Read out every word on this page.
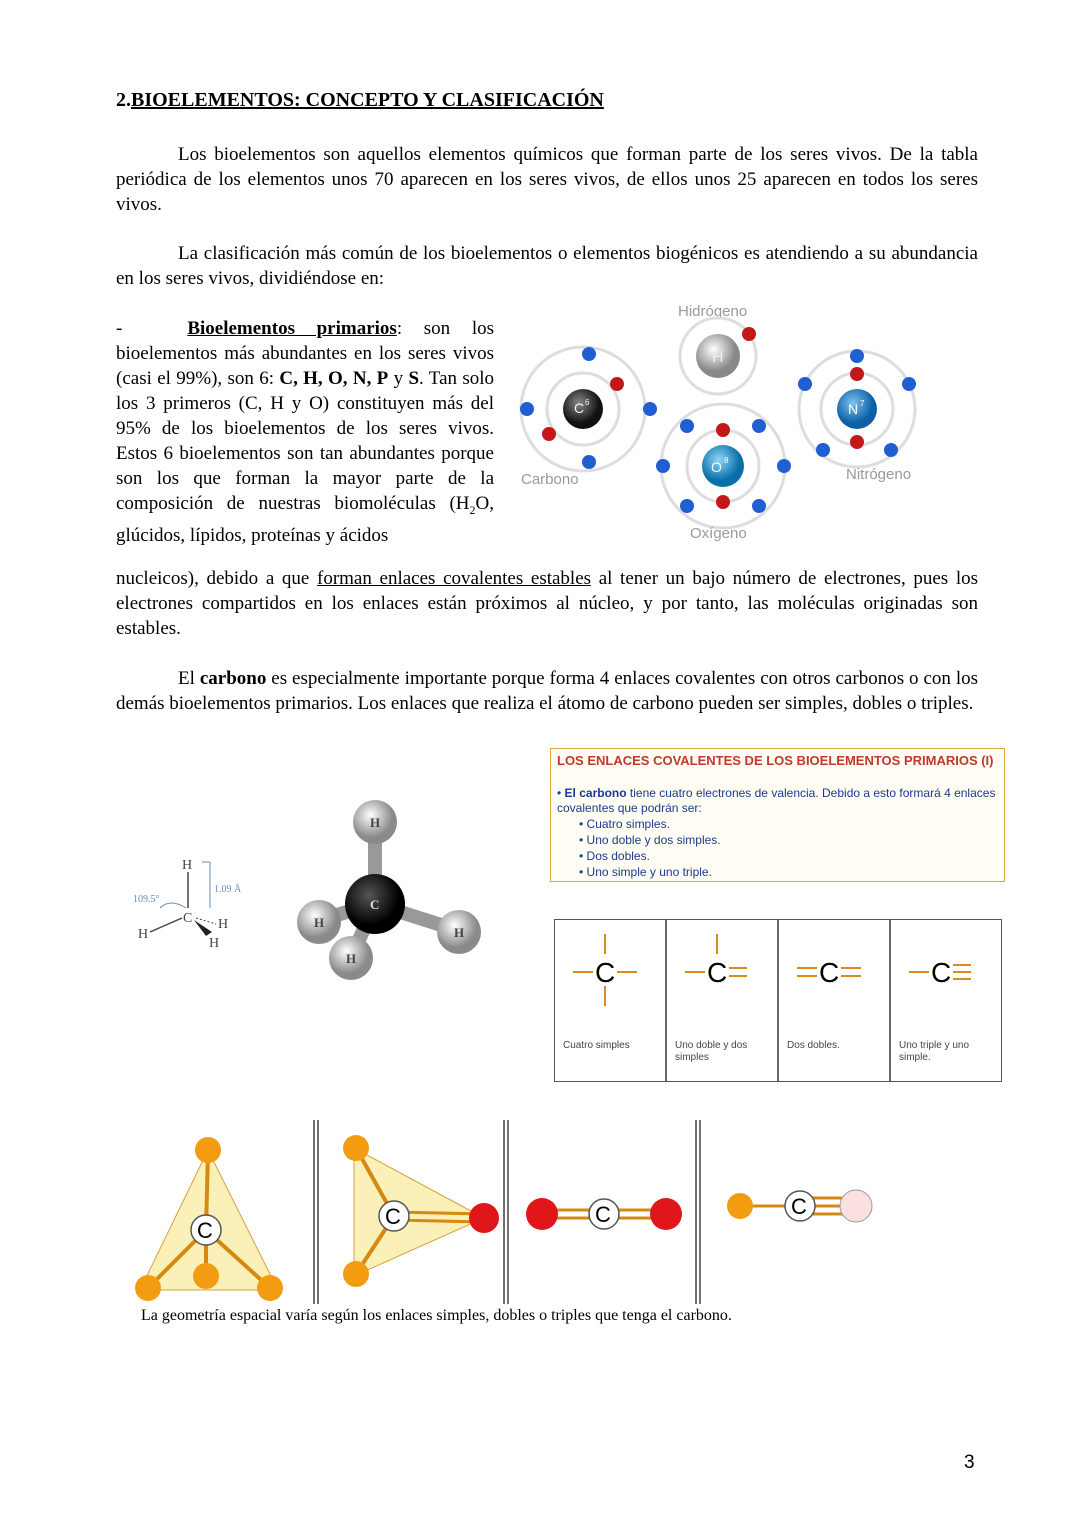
2.BIOELEMENTOS: CONCEPTO Y CLASIFICACIÓN
Los bioelementos son aquellos elementos químicos que forman parte de los seres vivos. De la tabla periódica de los elementos unos 70 aparecen en los seres vivos, de ellos unos 25 aparecen en todos los seres vivos.
La clasificación más común de los bioelementos o elementos biogénicos es atendiendo a su abundancia en los seres vivos, dividiéndose en:
-	Bioelementos primarios: son los bioelementos más abundantes en los seres vivos (casi el 99%), son 6: C, H, O, N, P y S. Tan solo los 3 primeros (C, H y O) constituyen más del 95% de los bioelementos de los seres vivos. Estos 6 bioelementos son tan abundantes porque son los que forman la mayor parte de la composición de nuestras biomoléculas ($H_2O$, glúcidos, lípidos, proteínas y ácidos
nucleicos), debido a que forman enlaces covalentes estables al tener un bajo número de electrones, pues los electrones compartidos en los enlaces están próximos al núcleo, y por tanto, las moléculas originadas son estables.
Hidrógeno
H
C 6
Carbono
O 8
Oxígeno
N 7
Nitrógeno
El carbono es especialmente importante porque forma 4 enlaces covalentes con otros carbonos o con los demás bioelementos primarios. Los enlaces que realiza el átomo de carbono pueden ser simples, dobles o triples.
H
H
C H
H
109.5°
1.09 Å
H
H
H
H
C
LOS ENLACES COVALENTES DE LOS BIOELEMENTOS PRIMARIOS (I)
• El carbono tiene cuatro electrones de valencia. Debido a esto formará 4 enlaces covalentes que podrán ser:
• Cuatro simples.
• Uno doble y dos simples.
• Dos dobles.
• Uno simple y uno triple.
C
Cuatro simples
C
Uno doble y dos simples
C
Dos dobles.
C
Uno triple y uno simple.
C
C	C	C
La geometría espacial varía según los enlaces simples, dobles o triples que tenga el carbono.
3
